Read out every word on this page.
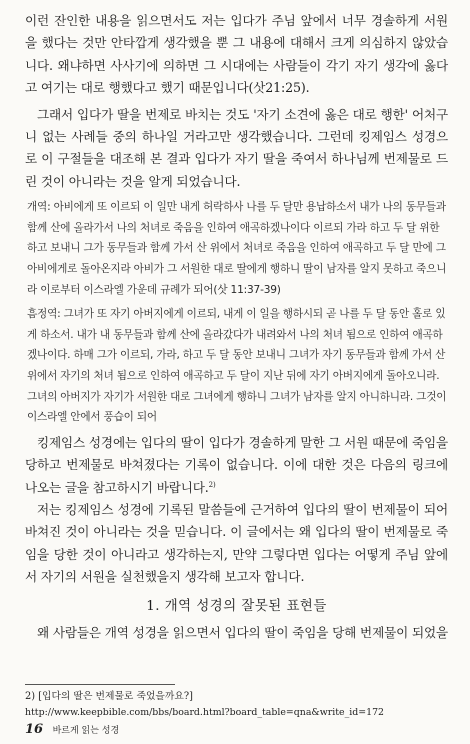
이런 잔인한 내용을 읽으면서도 저는 입다가 주님 앞에서 너무 경솔하게 서원을 했다는 것만 안타깝게 생각했을 뿐 그 내용에 대해서 크게 의심하지 않았습니다. 왜냐하면 사사기에 의하면 그 시대에는 사람들이 각기 자기 생각에 옳다고 여기는 대로 행했다고 했기 때문입니다(삿21:25).

그래서 입다가 딸을 번제로 바치는 것도 '자기 소견에 옳은 대로 행한' 어처구니 없는 사례들 중의 하나일 거라고만 생각했습니다. 그런데 킹제임스 성경으로 이 구절들을 대조해 본 결과 입다가 자기 딸을 죽여서 하나님께 번제물로 드린 것이 아니라는 것을 알게 되었습니다.

개역: 아비에게 또 이르되 이 일만 내게 허락하사 나를 두 달만 용납하소서 내가 나의 동무들과 함께 산에 올라가서 나의 처녀로 죽음을 인하여 애곡하겠나이다 이르되 가라 하고 두 달 위한하고 보내니 그가 동무들과 함께 가서 산 위에서 처녀로 죽음을 인하여 애곡하고 두 달 만에 그 아비에게로 돌아온지라 아비가 그 서원한 대로 딸에게 행하니 딸이 남자를 알지 못하고 죽으니라 이로부터 이스라엘 가운데 규례가 되어(삿 11:37-39)

흠정역: 그녀가 또 자기 아버지에게 이르되, 내게 이 일을 행하시되 곧 나를 두 달 동안 홀로 있게 하소서. 내가 내 동무들과 함께 산에 올라갔다가 내려와서 나의 처녀 됨으로 인하여 애곡하겠나이다. 하매 그가 이르되, 가라, 하고 두 달 동안 보내니 그녀가 자기 동무들과 함께 가서 산 위에서 자기의 처녀 됨으로 인하여 애곡하고 두 달이 지난 뒤에 자기 아버지에게 돌아오니라. 그녀의 아버지가 자기가 서원한 대로 그녀에게 행하니 그녀가 남자를 알지 아니하니라. 그것이 이스라엘 안에서 풍습이 되어

킹제임스 성경에는 입다의 딸이 입다가 경솔하게 말한 그 서원 때문에 죽임을 당하고 번제물로 바쳐졌다는 기록이 없습니다. 이에 대한 것은 다음의 링크에 나오는 글을 참고하시기 바랍니다.$^{2)}$

저는 킹제임스 성경에 기록된 말씀들에 근거하여 입다의 딸이 번제물이 되어 바쳐진 것이 아니라는 것을 믿습니다. 이 글에서는 왜 입다의 딸이 번제물로 죽임을 당한 것이 아니라고 생각하는지, 만약 그렇다면 입다는 어떻게 주님 앞에서 자기의 서원을 실천했을지 생각해 보고자 합니다.

1. 개역 성경의 잘못된 표현들

왜 사람들은 개역 성경을 읽으면서 입다의 딸이 죽임을 당해 번제물이 되었을

2) [입다의 딸은 번제물로 죽었을까요?]
http://www.keepbible.com/bbs/board.html?board_table=qna&write_id=172
16 바르게 읽는 성경
